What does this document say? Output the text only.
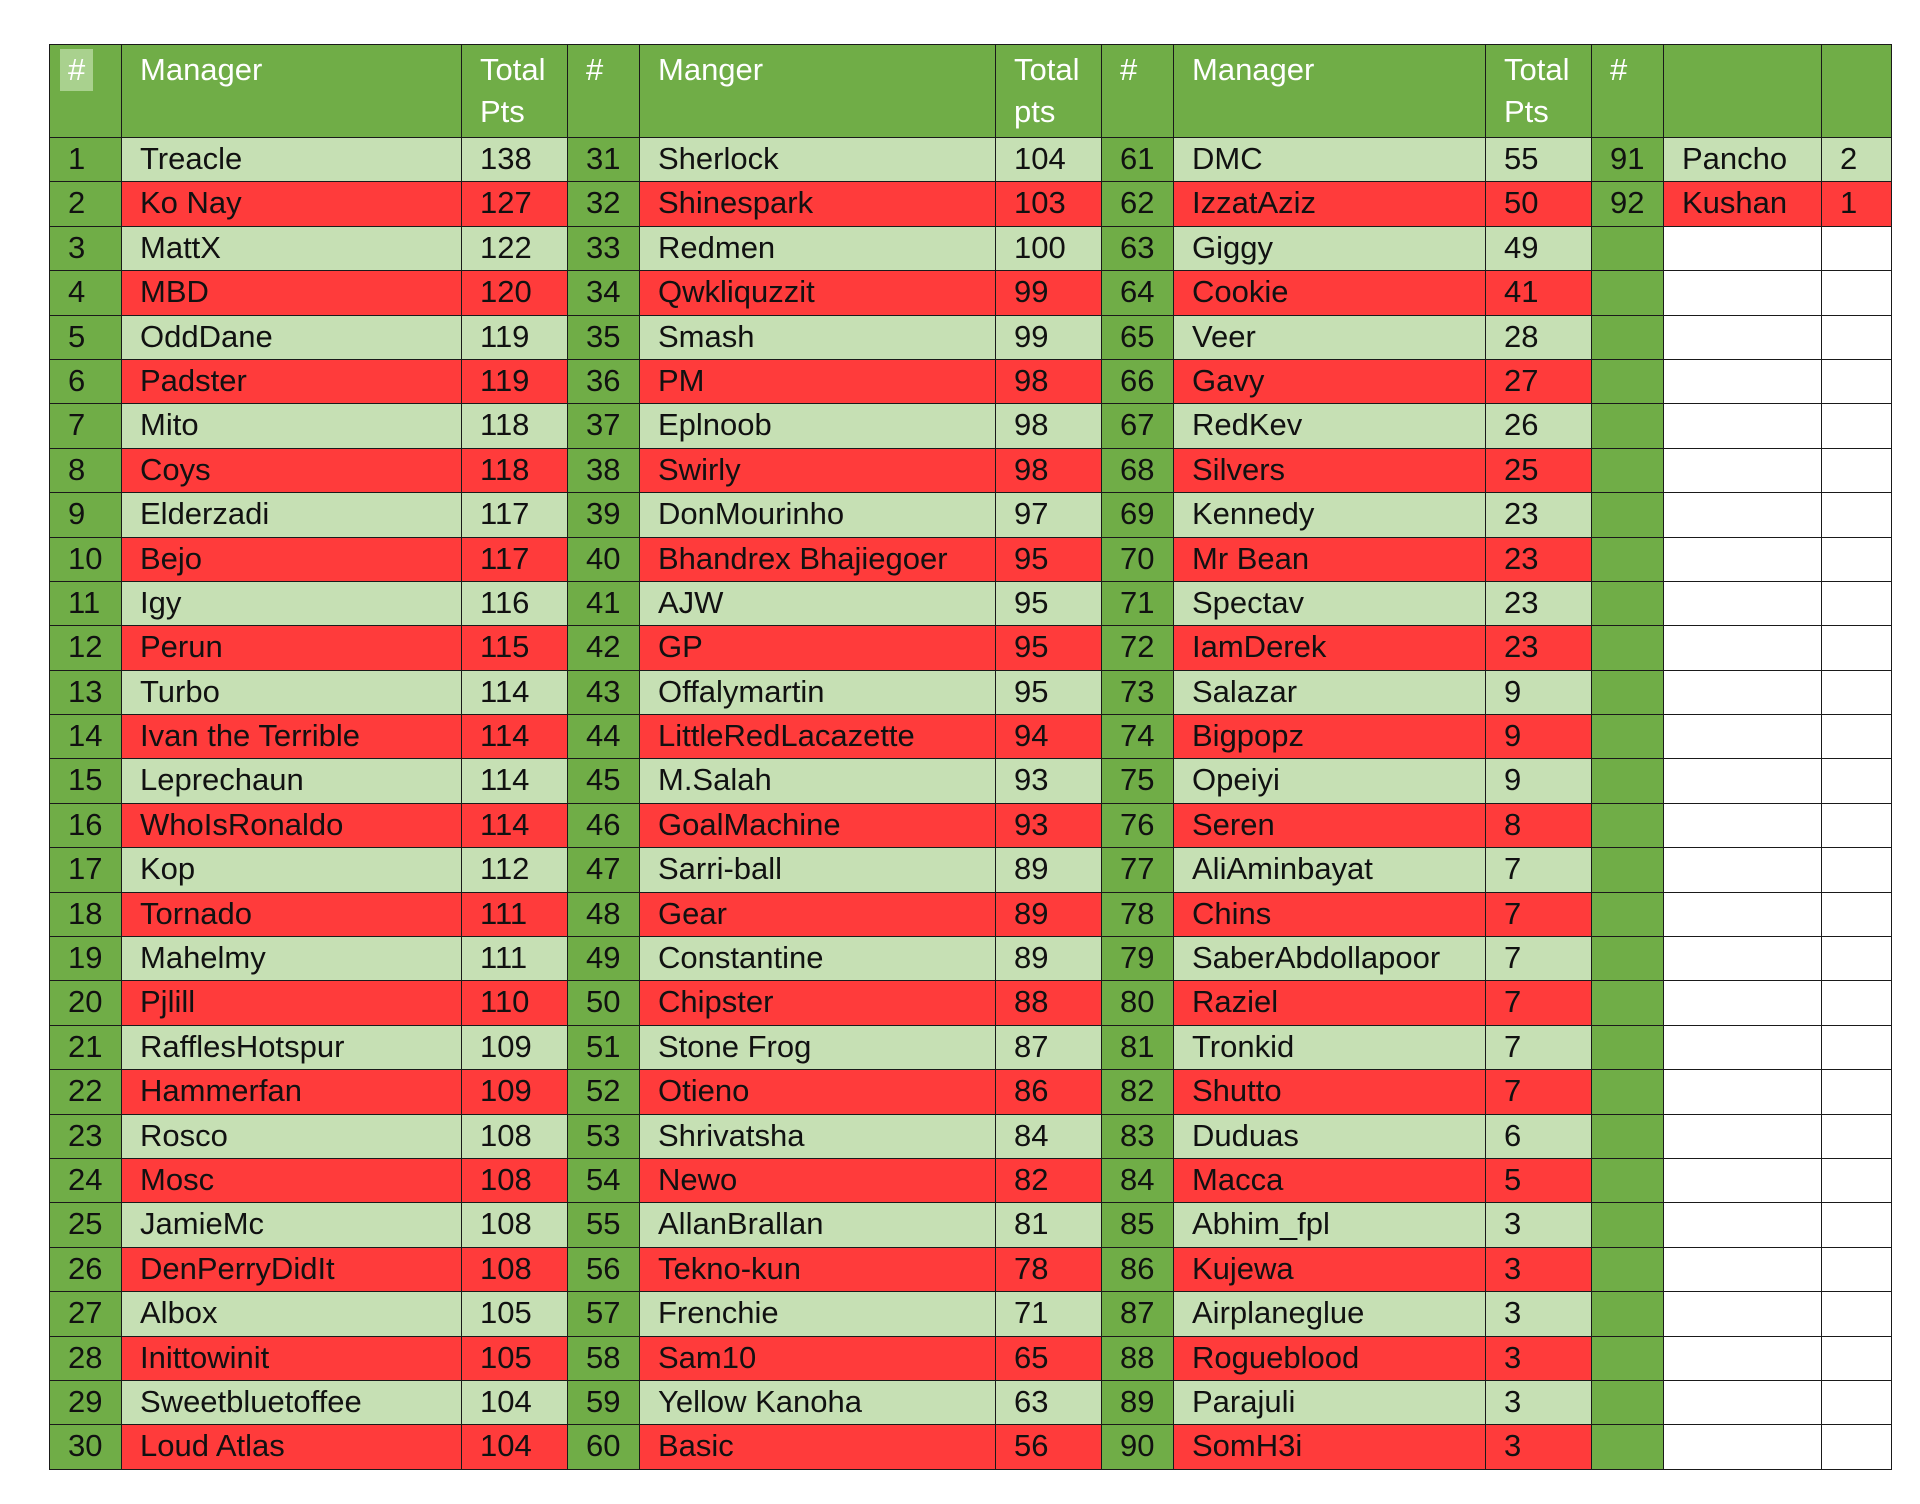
#	Manager	Total Pts	#	Manger	Total pts	#	Manager	Total Pts	#		
1	Treacle	138	31	Sherlock	104	61	DMC	55	91	Pancho	2
2	Ko Nay	127	32	Shinespark	103	62	IzzatAziz	50	92	Kushan	1
3	MattX	122	33	Redmen	100	63	Giggy	49			
4	MBD	120	34	Qwkliquzzit	99	64	Cookie	41			
5	OddDane	119	35	Smash	99	65	Veer	28			
6	Padster	119	36	PM	98	66	Gavy	27			
7	Mito	118	37	Eplnoob	98	67	RedKev	26			
8	Coys	118	38	Swirly	98	68	Silvers	25			
9	Elderzadi	117	39	DonMourinho	97	69	Kennedy	23			
10	Bejo	117	40	Bhandrex Bhajiegoer	95	70	Mr Bean	23			
11	Igy	116	41	AJW	95	71	Spectav	23			
12	Perun	115	42	GP	95	72	IamDerek	23			
13	Turbo	114	43	Offalymartin	95	73	Salazar	9			
14	Ivan the Terrible	114	44	LittleRedLacazette	94	74	Bigpopz	9			
15	Leprechaun	114	45	M.Salah	93	75	Opeiyi	9			
16	WhoIsRonaldo	114	46	GoalMachine	93	76	Seren	8			
17	Kop	112	47	Sarri-ball	89	77	AliAminbayat	7			
18	Tornado	111	48	Gear	89	78	Chins	7			
19	Mahelmy	111	49	Constantine	89	79	SaberAbdollapoor	7			
20	Pjlill	110	50	Chipster	88	80	Raziel	7			
21	RafflesHotspur	109	51	Stone Frog	87	81	Tronkid	7			
22	Hammerfan	109	52	Otieno	86	82	Shutto	7			
23	Rosco	108	53	Shrivatsha	84	83	Duduas	6			
24	Mosc	108	54	Newo	82	84	Macca	5			
25	JamieMc	108	55	AllanBrallan	81	85	Abhim_fpl	3			
26	DenPerryDidIt	108	56	Tekno-kun	78	86	Kujewa	3			
27	Albox	105	57	Frenchie	71	87	Airplaneglue	3			
28	Inittowinit	105	58	Sam10	65	88	Rogueblood	3			
29	Sweetbluetoffee	104	59	Yellow Kanoha	63	89	Parajuli	3			
30	Loud Atlas	104	60	Basic	56	90	SomH3i	3			
